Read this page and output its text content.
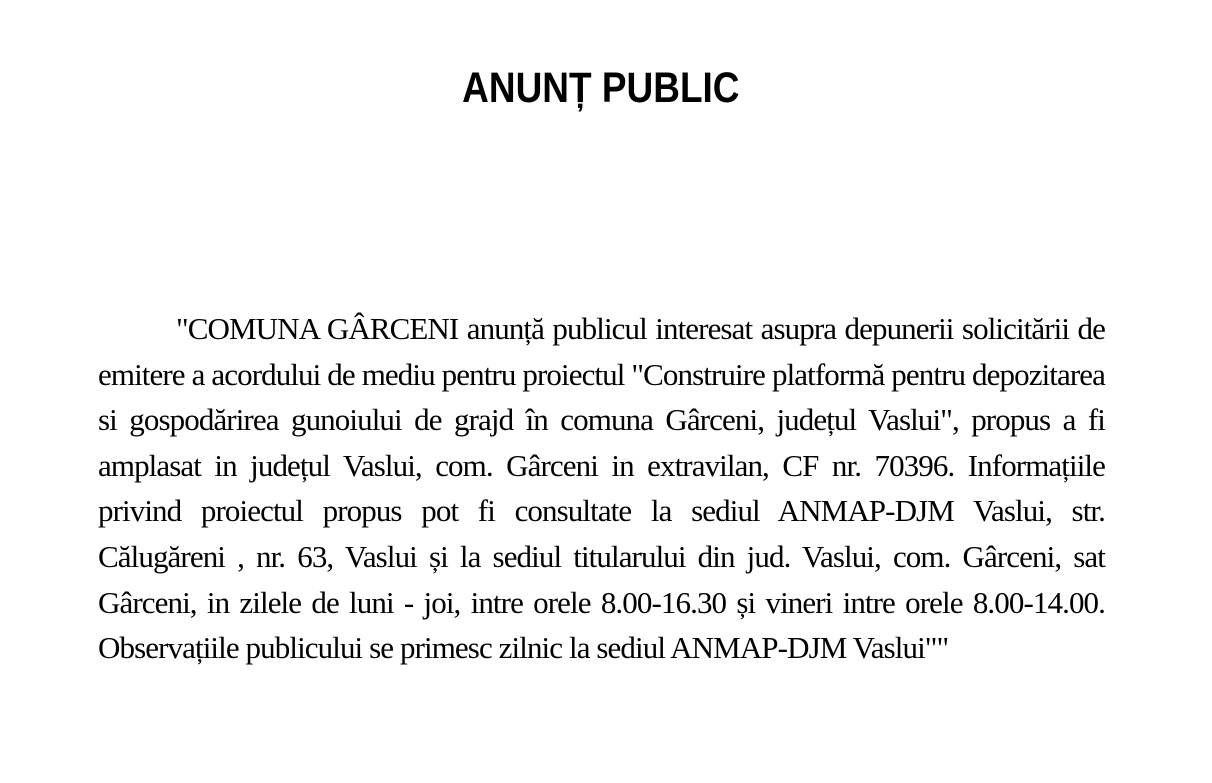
ANUNȚ PUBLIC

"COMUNA GÂRCENI anunță publicul interesat asupra depunerii solicitării de emitere a acordului de mediu pentru proiectul "Construire platformă pentru depozitarea si gospodărirea gunoiului de grajd în comuna Gârceni, județul Vaslui", propus a fi amplasat in județul Vaslui, com. Gârceni in extravilan, CF nr. 70396. Informațiile privind proiectul propus pot fi consultate la sediul ANMAP-DJM Vaslui, str. Călugăreni , nr. 63, Vaslui și la sediul titularului din jud. Vaslui, com. Gârceni, sat Gârceni, in zilele de luni - joi, intre orele 8.00-16.30 și vineri intre orele 8.00-14.00. Observațiile publicului se primesc zilnic la sediul ANMAP-DJM Vaslui""
